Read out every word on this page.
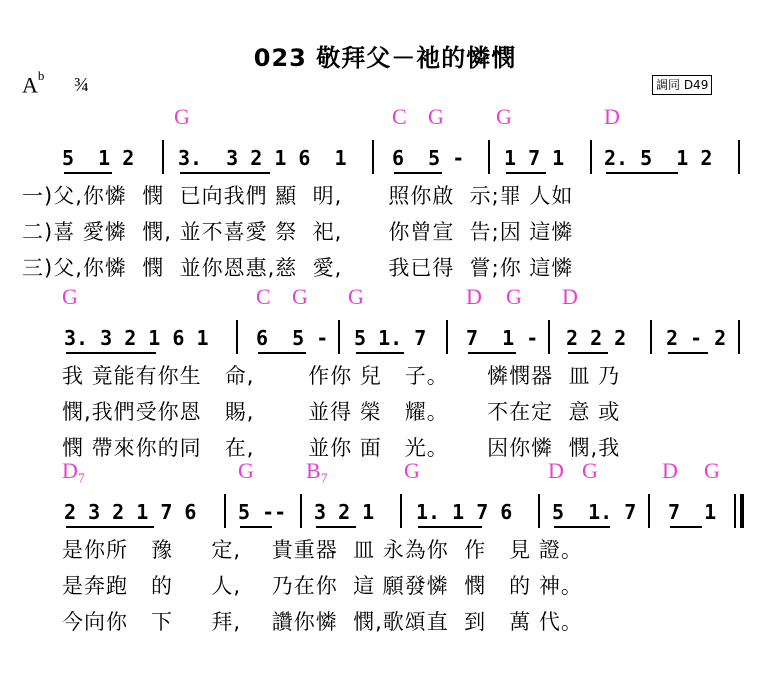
023 敬拜父－祂的憐憫
$A^b$ ¾	調同 D49
G	C G G	D
5  1 2 3.  3 2 1 6  1 6  5 - 1 7 1 2. 5  1 2
一)父,你憐  憫  已向我們 顯  明,      照你啟  示;罪 人如
二)喜 愛憐  憫, 並不喜愛 祭  祀,      你曾宣  告;因 這憐
三)父,你憐  憫  並你恩惠,慈  愛,      我已得  嘗;你 這憐
G	C G G	D G D
3. 3 2 1 6 1 6  5 - 5 1. 7 7  1 - 2 2 2 2 - 2
我 竟能有你生   命,       作你 兒   子。     憐憫器  皿 乃
憫,我們受你恩   賜,       並得 榮   耀。     不在定  意 或
憫 帶來你的同   在,       並你 面   光。     因你憐  憫,我
D₇	G B₇	G	D G	D G
2 3 2 1 7 6 5 -- 3 2 1 1. 1 7 6 5  1. 7 7  1
是你所   豫     定,    貴重器  皿 永為你  作   見 證。
是奔跑   的     人,    乃在你  這 願發憐  憫   的 神。
今向你   下     拜,    讚你憐  憫,歌頌直  到   萬 代。
